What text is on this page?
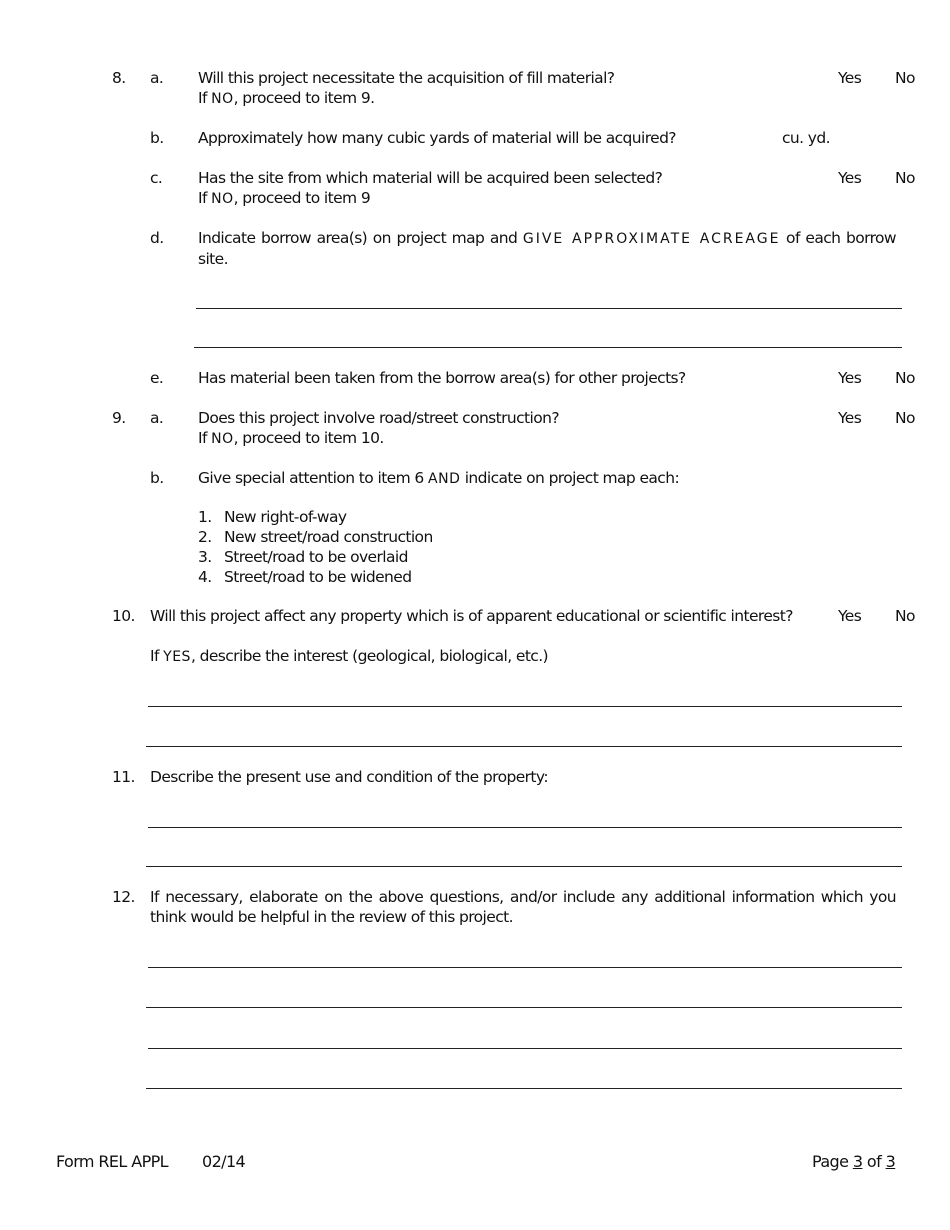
8. a. Will this project necessitate the acquisition of fill material?
If NO, proceed to item 9.
Yes No
b. Approximately how many cubic yards of material will be acquired?	cu. yd.
c. Has the site from which material will be acquired been selected?
If NO, proceed to item 9
Yes No
d. Indicate borrow area(s) on project map and GIVE APPROXIMATE ACREAGE of each borrow site.
e. Has material been taken from the borrow area(s) for other projects?	Yes No
9. a. Does this project involve road/street construction?
If NO, proceed to item 10.
Yes No
b. Give special attention to item 6 AND indicate on project map each:
1. New right-of-way
2. New street/road construction
3. Street/road to be overlaid
4. Street/road to be widened
10. Will this project affect any property which is of apparent educational or scientific interest?	Yes No
If YES, describe the interest (geological, biological, etc.)
11. Describe the present use and condition of the property:
12. If necessary, elaborate on the above questions, and/or include any additional information which you think would be helpful in the review of this project.
Form REL APPL 02/14	Page 3 of 3
